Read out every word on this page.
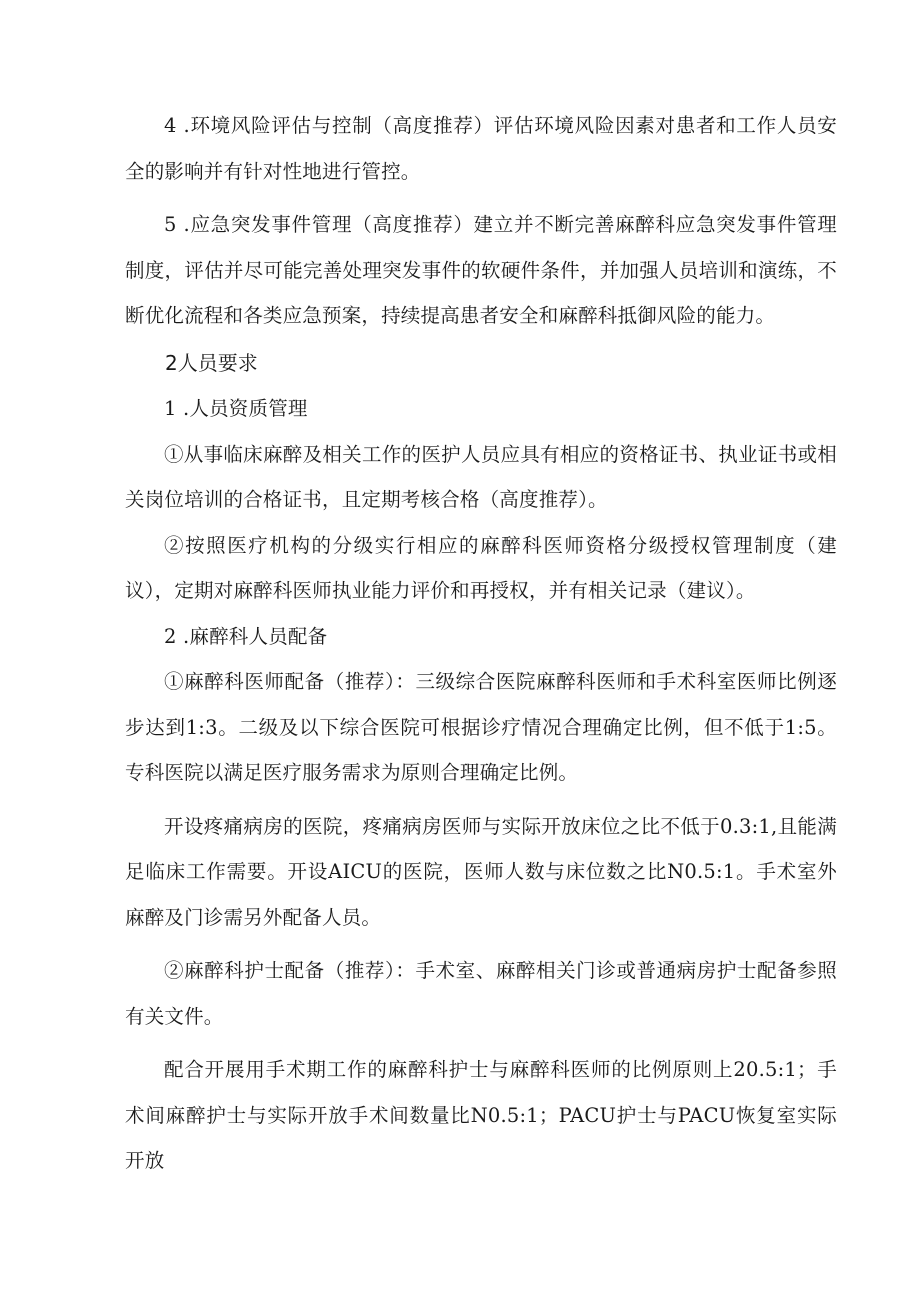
4 .环境风险评估与控制（高度推荐）评估环境风险因素对患者和工作人员安全的影响并有针对性地进行管控。

5 .应急突发事件管理（高度推荐）建立并不断完善麻醉科应急突发事件管理制度，评估并尽可能完善处理突发事件的软硬件条件，并加强人员培训和演练，不断优化流程和各类应急预案，持续提高患者安全和麻醉科抵御风险的能力。

2人员要求

1 .人员资质管理

①从事临床麻醉及相关工作的医护人员应具有相应的资格证书、执业证书或相关岗位培训的合格证书，且定期考核合格（高度推荐）。

②按照医疗机构的分级实行相应的麻醉科医师资格分级授权管理制度（建议），定期对麻醉科医师执业能力评价和再授权，并有相关记录（建议）。

2 .麻醉科人员配备

①麻醉科医师配备（推荐）：三级综合医院麻醉科医师和手术科室医师比例逐步达到1:3。二级及以下综合医院可根据诊疗情况合理确定比例，但不低于1:5。专科医院以满足医疗服务需求为原则合理确定比例。

开设疼痛病房的医院，疼痛病房医师与实际开放床位之比不低于0.3:1,且能满足临床工作需要。开设AICU的医院，医师人数与床位数之比N0.5:1。手术室外麻醉及门诊需另外配备人员。

②麻醉科护士配备（推荐）：手术室、麻醉相关门诊或普通病房护士配备参照有关文件。

配合开展用手术期工作的麻醉科护士与麻醉科医师的比例原则上20.5:1；手术间麻醉护士与实际开放手术间数量比N0.5:1；PACU护士与PACU恢复室实际开放
